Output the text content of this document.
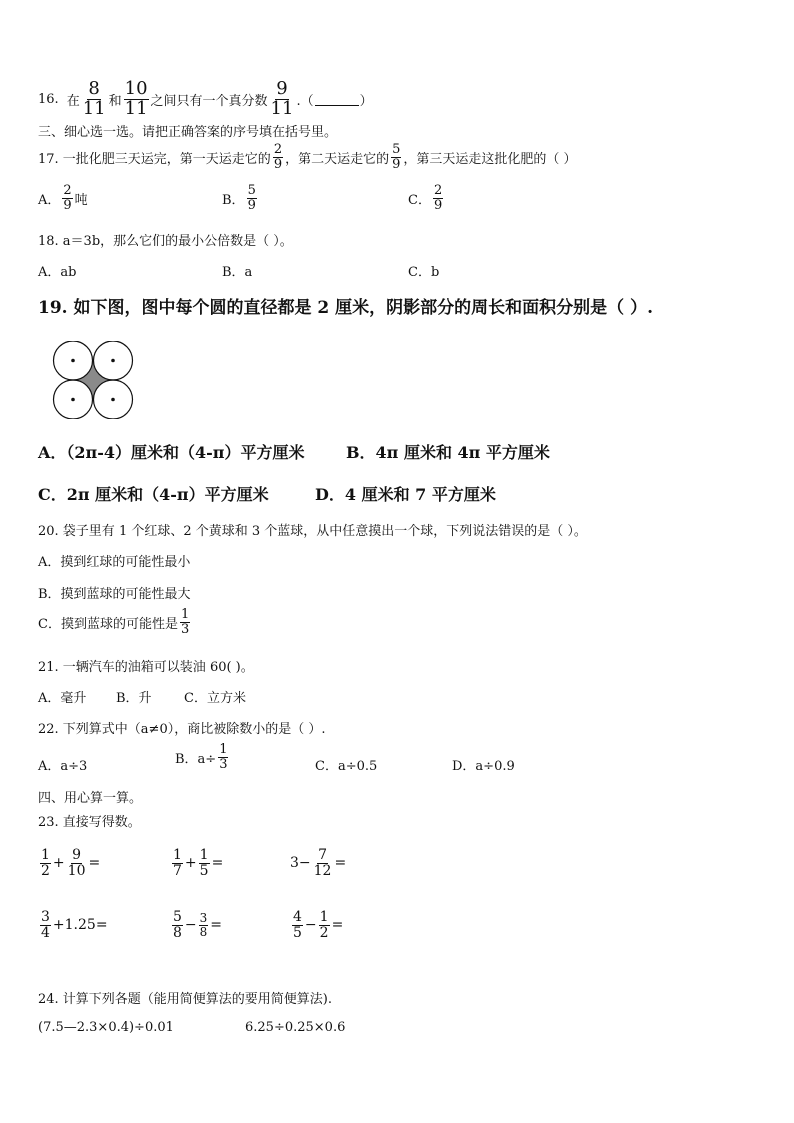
16. 在 $\frac{8}{11}$ 和 $\frac{10}{11}$ 之间只有一个真分数 $\frac{9}{11}$ .（	）
三、细心选一选。请把正确答案的序号填在括号里。
17. 一批化肥三天运完，第一天运走它的 $\frac{2}{9}$ ，第二天运走它的 $\frac{5}{9}$ ，第三天运走这批化肥的（ ）
A． $\frac{2}{9}$ 吨	B． $\frac{5}{9}$	C． $\frac{2}{9}$
18. a＝3b，那么它们的最小公倍数是（ ）。
A．ab	B．a	C．b
19. 如下图，图中每个圆的直径都是 2 厘米，阴影部分的周长和面积分别是（ ）.
A．（2π-4）厘米和（4-π）平方厘米	B．4π 厘米和 4π 平方厘米
C．2π 厘米和（4-π）平方厘米	D．4 厘米和 7 平方厘米
20. 袋子里有 1 个红球、2 个黄球和 3 个蓝球，从中任意摸出一个球，下列说法错误的是（ ）。
A．摸到红球的可能性最小
B．摸到蓝球的可能性最大
C．摸到蓝球的可能性是 $\frac{1}{3}$
21. 一辆汽车的油箱可以装油 60( )。
A．毫升 B．升 C．立方米
22. 下列算式中（a≠0），商比被除数小的是（ ）.
A．a÷3	B．$a\div \frac{1}{3}$	C．a÷0.5	D．a÷0.9
四、用心算一算。
23. 直接写得数。
$\frac{1}{2} + \frac{9}{10}$ =	$\frac{1}{7} + \frac{1}{5}$ =	$3- \frac{7}{12}$ =
$\frac{3}{4} +1.25=$	$\frac{5}{8} - \frac{3}{8}$ =	$\frac{4}{5} - \frac{1}{2}$ =
24. 计算下列各题（能用简便算法的要用简便算法).
(7.5—2.3×0.4)÷0.01	6.25÷0.25×0.6
